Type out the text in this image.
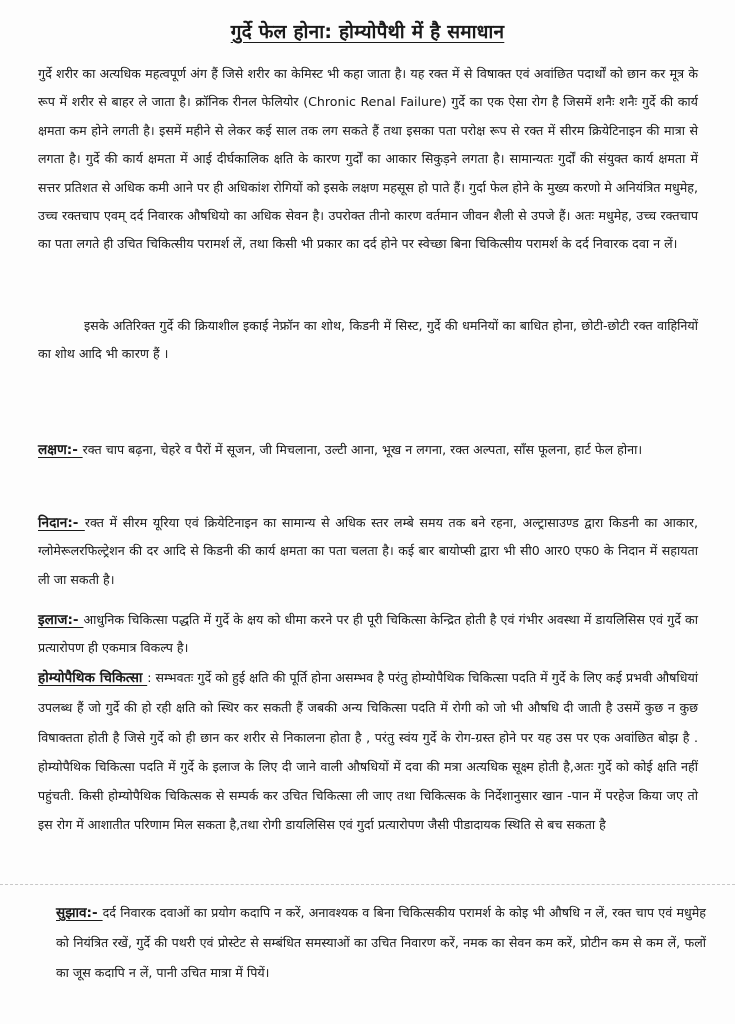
गुर्दे फेल होना: होम्योपैथी में है समाधान
गुर्दे शरीर का अत्यधिक महत्वपूर्ण अंग हैं जिसे शरीर का केमिस्ट भी कहा जाता है। यह रक्त में से विषाक्त एवं अवांछित पदार्थों को छान कर मूत्र के रूप में शरीर से बाहर ले जाता है। क्रॉनिक रीनल फेलियोर (Chronic Renal Failure) गुर्दे का एक ऐसा रोग है जिसमें शनैः शनैः गुर्दे की कार्य क्षमता कम होने लगती है। इसमें महीने से लेकर कई साल तक लग सकते हैं तथा इसका पता परोक्ष रूप से रक्त में सीरम क्रियेटिनाइन की मात्रा से लगता है। गुर्दे की कार्य क्षमता में आई दीर्घकालिक क्षति के कारण गुर्दों का आकार सिकुड़ने लगता है। सामान्यतः गुर्दों की संयुक्त कार्य क्षमता में सत्तर प्रतिशत से अधिक कमी आने पर ही अधिकांश रोगियों को इसके लक्षण महसूस हो पाते हैं। गुर्दा फेल होने के मुख्य करणो मे अनियंत्रित मधुमेह, उच्च रक्तचाप एवम् दर्द निवारक औषधियो का अधिक सेवन है। उपरोक्त तीनो कारण वर्तमान जीवन शैली से उपजे हैं। अतः मधुमेह, उच्च रक्तचाप का पता लगते ही उचित चिकित्सीय परामर्श लें, तथा किसी भी प्रकार का दर्द होने पर स्वेच्छा बिना चिकित्सीय परामर्श के दर्द निवारक दवा न लें।
इसके अतिरिक्त गुर्दे की क्रियाशील इकाई नेफ्रॉन का शोथ, किडनी में सिस्ट, गुर्दे की धमनियों का बाधित होना, छोटी-छोटी रक्त वाहिनियों का शोथ आदि भी कारण हैं ।
लक्षण:- रक्त चाप बढ़ना, चेहरे व पैरों में सूजन, जी मिचलाना, उल्टी आना, भूख न लगना, रक्त अल्पता, साँस फूलना, हार्ट फेल होना।
निदान:- रक्त में सीरम यूरिया एवं क्रियेटिनाइन का सामान्य से अधिक स्तर लम्बे समय तक बने रहना, अल्ट्रासाउण्ड द्वारा किडनी का आकार, ग्लोमेरूलरफिल्ट्रेशन की दर आदि से किडनी की कार्य क्षमता का पता चलता है। कई बार बायोप्सी द्वारा भी सी0 आर0 एफ0 के निदान में सहायता ली जा सकती है।
इलाज:- आधुनिक चिकित्सा पद्धति में गुर्दे के क्षय को धीमा करने पर ही पूरी चिकित्सा केन्द्रित होती है एवं गंभीर अवस्था में डायलिसिस एवं गुर्दे का प्रत्यारोपण ही एकमात्र विकल्प है।
होम्योपैथिक चिकित्सा : सम्भवतः गुर्दे को हुई क्षति की पूर्ति होना असम्भव है परंतु होम्योपैथिक चिकित्सा पदति में गुर्दे के लिए कई प्रभवी औषधियां उपलब्ध हैं जो गुर्दे की हो रही क्षति को स्थिर कर सकती हैं जबकी अन्य चिकित्सा पदति में रोगी को जो भी औषधि दी जाती है उसमें कुछ न कुछ विषाक्तता होती है जिसे गुर्दे को ही छान कर शरीर से निकालना होता है , परंतु स्वंय गुर्दे के रोग-ग्रस्त होने पर यह उस पर एक अवांछित बोझ है . होम्योपैथिक चिकित्सा पदति में गुर्दे के इलाज के लिए दी जाने वाली औषधियों में दवा की मत्रा अत्यधिक सूक्ष्म होती है,अतः गुर्दे को कोई क्षति नहीं पहुंचती. किसी होम्योपैथिक चिकित्सक से सम्पर्क कर उचित चिकित्सा ली जाए तथा चिकित्सक के निर्देशानुसार खान -पान में परहेज किया जए तो इस रोग में आशातीत परिणाम मिल सकता है,तथा रोगी डायलिसिस एवं गुर्दा प्रत्यारोपण जैसी पीडादायक स्थिति से बच सकता है
सुझाव:- दर्द निवारक दवाओं का प्रयोग कदापि न करें, अनावश्यक व बिना चिकित्सकीय परामर्श के कोइ भी औषधि न लें, रक्त चाप एवं मधुमेह को नियंत्रित रखें, गुर्दे की पथरी एवं प्रोस्टेट से सम्बंधित समस्याओं का उचित निवारण करें, नमक का सेवन कम करें, प्रोटीन कम से कम लें, फलों का जूस कदापि न लें, पानी उचित मात्रा में पियें।
